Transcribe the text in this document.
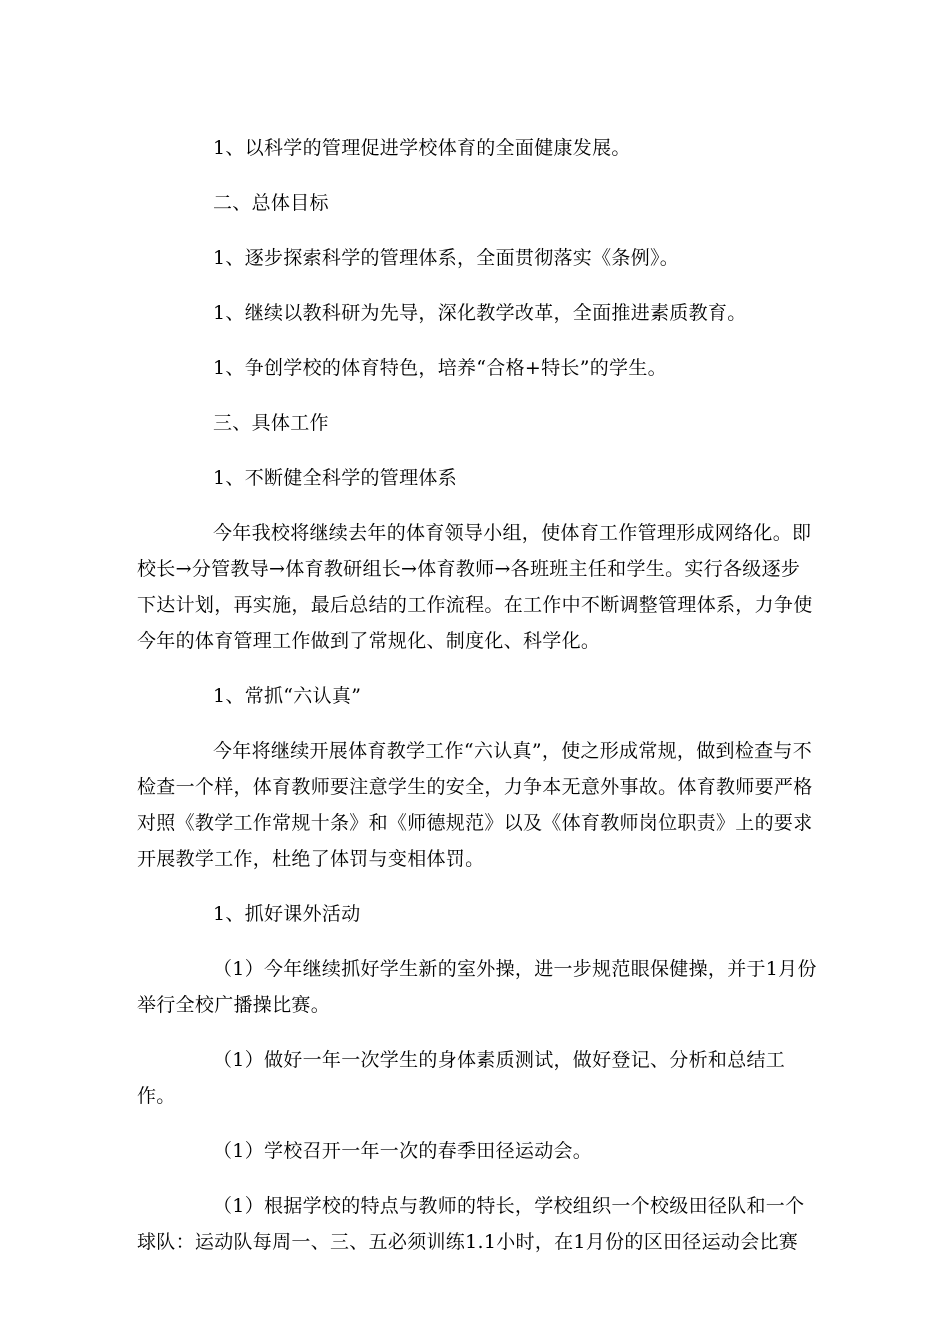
1、以科学的管理促进学校体育的全面健康发展。

二、总体目标

1、逐步探索科学的管理体系，全面贯彻落实《条例》。

1、继续以教科研为先导，深化教学改革，全面推进素质教育。

1、争创学校的体育特色，培养“合格+特长”的学生。

三、具体工作

1、不断健全科学的管理体系

今年我校将继续去年的体育领导小组，使体育工作管理形成网络化。即校长→分管教导→体育教研组长→体育教师→各班班主任和学生。实行各级逐步下达计划，再实施，最后总结的工作流程。在工作中不断调整管理体系，力争使今年的体育管理工作做到了常规化、制度化、科学化。

1、常抓“六认真”

今年将继续开展体育教学工作“六认真”，使之形成常规，做到检查与不检查一个样，体育教师要注意学生的安全，力争本无意外事故。体育教师要严格对照《教学工作常规十条》和《师德规范》以及《体育教师岗位职责》上的要求开展教学工作，杜绝了体罚与变相体罚。

1、抓好课外活动

（1）今年继续抓好学生新的室外操，进一步规范眼保健操，并于1月份举行全校广播操比赛。

（1）做好一年一次学生的身体素质测试，做好登记、分析和总结工作。

（1）学校召开一年一次的春季田径运动会。

（1）根据学校的特点与教师的特长，学校组织一个校级田径队和一个球队：运动队每周一、三、五必须训练1.1小时，在1月份的区田径运动会比赛
